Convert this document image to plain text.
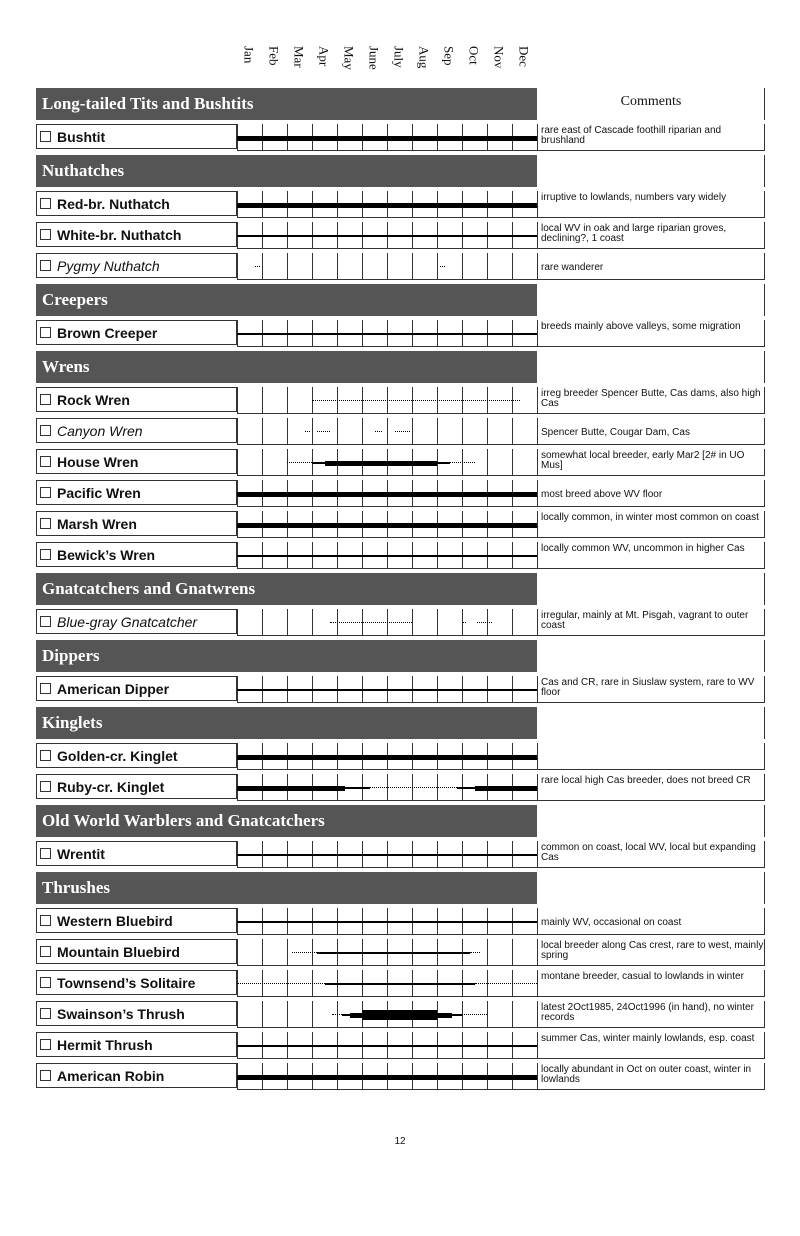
Jan Feb Mar Apr May June July Aug Sep Oct Nov Dec
Comments
Long-tailed Tits and Bushtits
Bushtit	rare east of Cascade foothill riparian and brushland
Nuthatches
Red-br. Nuthatch	irruptive to lowlands, numbers vary widely
White-br. Nuthatch	local WV in oak and large riparian groves, declining?, 1 coast
Pygmy Nuthatch	rare wanderer
Creepers
Brown Creeper	breeds mainly above valleys, some migration
Wrens
Rock Wren	irreg breeder Spencer Butte, Cas dams, also high Cas
Canyon Wren	Spencer Butte, Cougar Dam, Cas
House Wren	somewhat local breeder, early Mar2 [2# in UO Mus]
Pacific Wren	most breed above WV floor
Marsh Wren	locally common, in winter most common on coast
Bewick’s Wren	locally common WV, uncommon in higher Cas
Gnatcatchers and Gnatwrens
Blue-gray Gnatcatcher	irregular, mainly at Mt. Pisgah, vagrant to outer coast
Dippers
American Dipper	Cas and CR, rare in Siuslaw system, rare to WV floor
Kinglets
Golden-cr. Kinglet
Ruby-cr. Kinglet	rare local high Cas breeder, does not breed CR
Old World Warblers and Gnatcatchers
Wrentit	common on coast, local WV, local but expanding Cas
Thrushes
Western Bluebird	mainly WV, occasional on coast
Mountain Bluebird	local breeder along Cas crest, rare to west, mainly spring
Townsend’s Solitaire	montane breeder, casual to lowlands in winter
Swainson’s Thrush	latest 2Oct1985, 24Oct1996 (in hand), no winter records
Hermit Thrush	summer Cas, winter mainly lowlands, esp. coast
American Robin	locally abundant in Oct on outer coast, winter in lowlands
12
